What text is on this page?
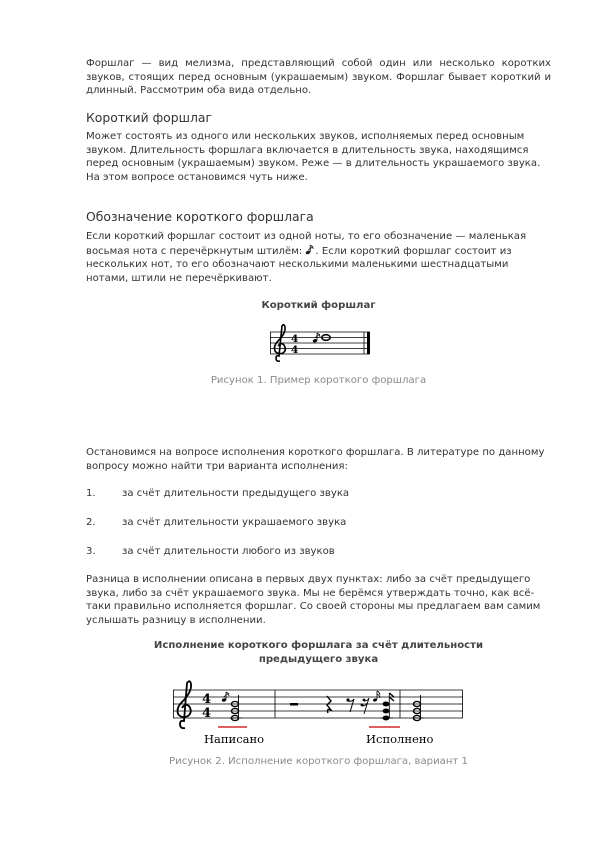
Форшлаг — вид мелизма, представляющий собой один или несколько коротких звуков, стоящих перед основным (украшаемым) звуком. Форшлаг бывает короткий и длинный. Рассмотрим оба вида отдельно.
Короткий форшлаг
Может состоять из одного или нескольких звуков, исполняемых перед основным звуком. Длительность форшлага включается в длительность звука, находящимся перед основным (украшаемым) звуком. Реже — в длительность украшаемого звука. На этом вопросе остановимся чуть ниже.
Обозначение короткого форшлага
Если короткий форшлаг состоит из одной ноты, то его обозначение — маленькая восьмая нота с перечёркнутым штилём: . Если короткий форшлаг состоит из нескольких нот, то его обозначают несколькими маленькими шестнадцатыми нотами, штили не перечёркивают.
Короткий форшлаг
4
4
Рисунок 1. Пример короткого форшлага
Остановимся на вопросе исполнения короткого форшлага. В литературе по данному вопросу можно найти три варианта исполнения:
1.	за счёт длительности предыдущего звука
2.	за счёт длительности украшаемого звука
3.	за счёт длительности любого из звуков
Разница в исполнении описана в первых двух пунктах: либо за счёт предыдущего звука, либо за счёт украшаемого звука. Мы не берёмся утверждать точно, как всё-таки правильно исполняется форшлаг. Со своей стороны мы предлагаем вам самим услышать разницу в исполнении.
Исполнение короткого форшлага за счёт длительности
предыдущего звука
4
4
Написано	Исполнено
Рисунок 2. Исполнение короткого форшлага, вариант 1
